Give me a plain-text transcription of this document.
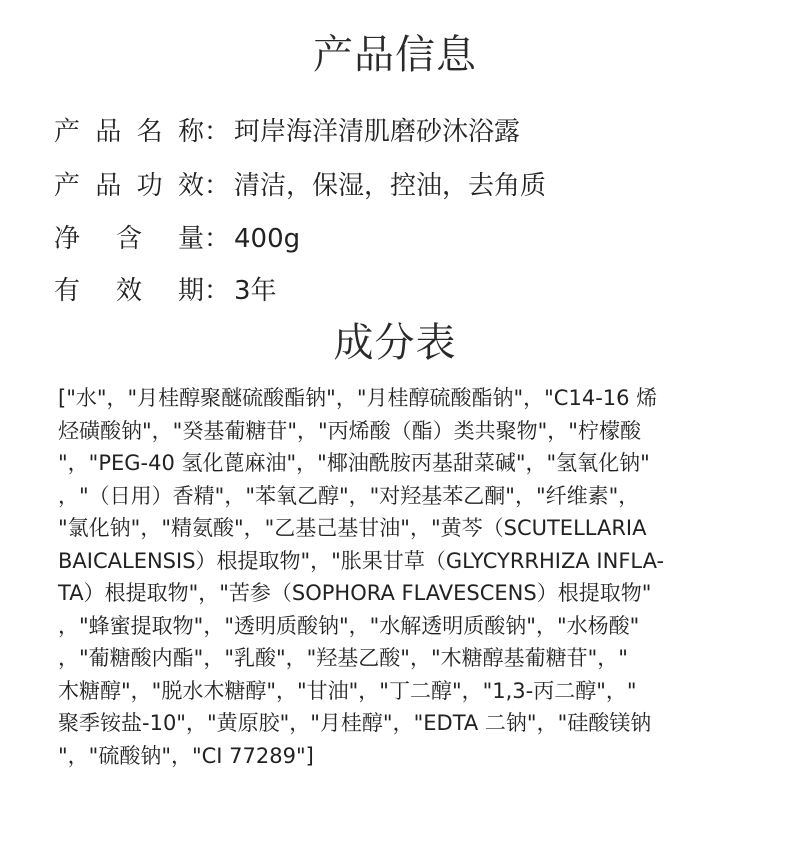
产品信息
产品名称： 珂岸海洋清肌磨砂沐浴露
产品功效： 清洁，保湿，控油，去角质
净含量： 400g
有效期： 3年
成分表
["水"，"月桂醇聚醚硫酸酯钠"，"月桂醇硫酸酯钠"，"C14-16 烯
烃磺酸钠"，"癸基葡糖苷"，"丙烯酸（酯）类共聚物"，"柠檬酸
"，"PEG-40 氢化蓖麻油"，"椰油酰胺丙基甜菜碱"，"氢氧化钠"
，"（日用）香精"，"苯氧乙醇"，"对羟基苯乙酮"，"纤维素"，
"氯化钠"，"精氨酸"，"乙基己基甘油"，"黄芩（SCUTELLARIA
BAICALENSIS）根提取物"，"胀果甘草（GLYCYRRHIZA INFLA-
TA）根提取物"，"苦参（SOPHORA FLAVESCENS）根提取物"
，"蜂蜜提取物"，"透明质酸钠"，"水解透明质酸钠"，"水杨酸"
，"葡糖酸内酯"，"乳酸"，"羟基乙酸"，"木糖醇基葡糖苷"，"
木糖醇"，"脱水木糖醇"，"甘油"，"丁二醇"，"1,3-丙二醇"，"
聚季铵盐-10"，"黄原胶"，"月桂醇"，"EDTA 二钠"，"硅酸镁钠
"，"硫酸钠"，"CI 77289"]
